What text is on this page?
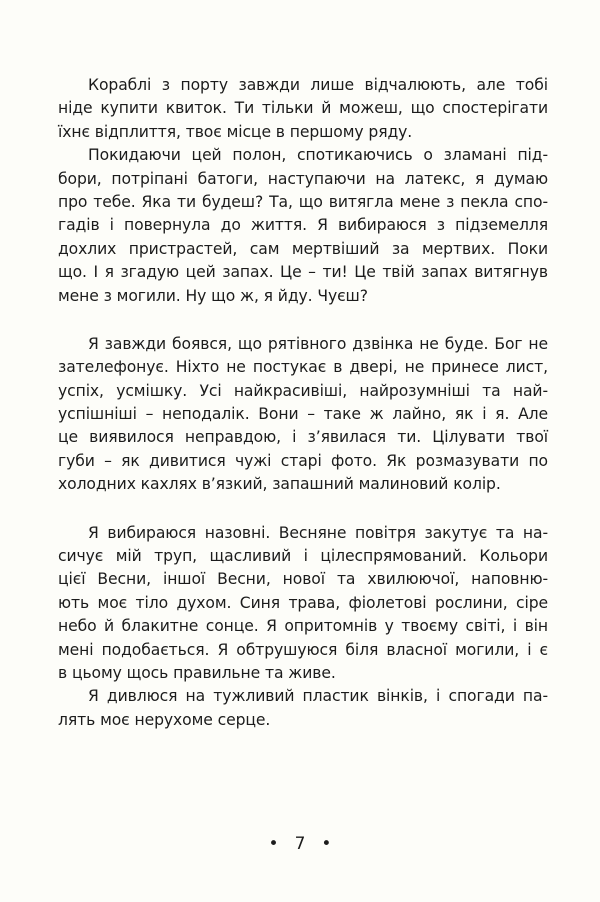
Кораблі з порту завжди лише відчалюють, але тобі
ніде купити квиток. Ти тільки й можеш, що спостерігати
їхнє відплиття, твоє місце в першому ряду.
Покидаючи цей полон, спотикаючись о зламані під-
бори, потріпані батоги, наступаючи на латекс, я думаю
про тебе. Яка ти будеш? Та, що витягла мене з пекла спо-
гадів і повернула до життя. Я вибираюся з підземелля
дохлих пристрастей, сам мертвіший за мертвих. Поки
що. І я згадую цей запах. Це – ти! Це твій запах витягнув
мене з могили. Ну що ж, я йду. Чуєш?
Я завжди боявся, що рятівного дзвінка не буде. Бог не
зателефонує. Ніхто не постукає в двері, не принесе лист,
успіх, усмішку. Усі найкрасивіші, найрозумніші та най-
успішніші – неподалік. Вони – таке ж лайно, як і я. Але
це виявилося неправдою, і з’явилася ти. Цілувати твої
губи – як дивитися чужі старі фото. Як розмазувати по
холодних кахлях в’язкий, запашний малиновий колір.
Я вибираюся назовні. Весняне повітря закутує та на-
сичує мій труп, щасливий і цілеспрямований. Кольори
цієї Весни, іншої Весни, нової та хвилюючої, наповню-
ють моє тіло духом. Синя трава, фіолетові рослини, сіре
небо й блакитне сонце. Я опритомнів у твоєму світі, і він
мені подобається. Я обтрушуюся біля власної могили, і є
в цьому щось правильне та живе.
Я дивлюся на тужливий пластик вінків, і спогади па-
лять моє нерухоме серце.
• 7 •
